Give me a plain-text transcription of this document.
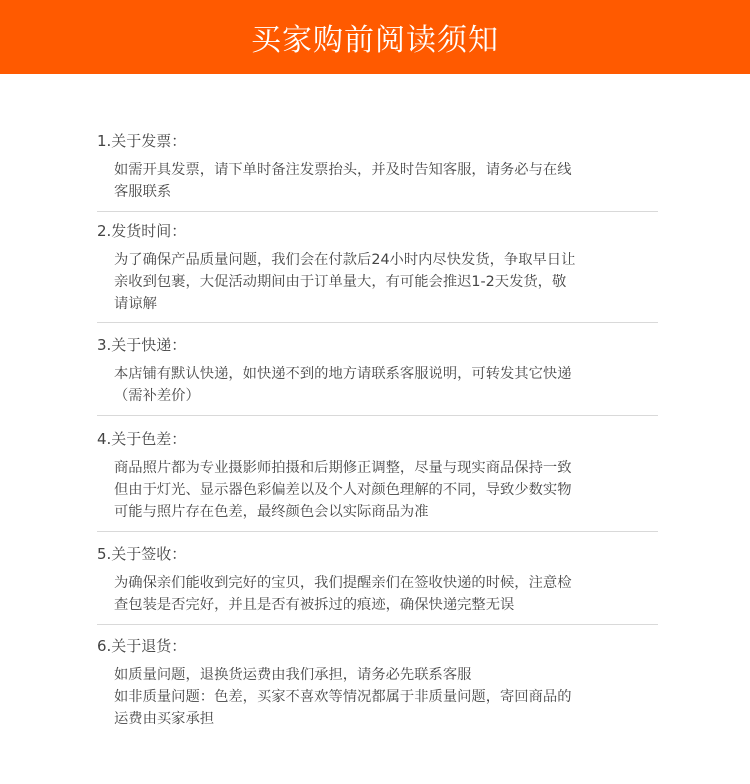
买家购前阅读须知
1.关于发票：
如需开具发票，请下单时备注发票抬头，并及时告知客服，请务必与在线
客服联系
2.发货时间：
为了确保产品质量问题，我们会在付款后24小时内尽快发货，争取早日让
亲收到包裹，大促活动期间由于订单量大，有可能会推迟1-2天发货，敬
请谅解
3.关于快递：
本店铺有默认快递，如快递不到的地方请联系客服说明，可转发其它快递
（需补差价）
4.关于色差：
商品照片都为专业摄影师拍摄和后期修正调整，尽量与现实商品保持一致
但由于灯光、显示器色彩偏差以及个人对颜色理解的不同，导致少数实物
可能与照片存在色差，最终颜色会以实际商品为准
5.关于签收：
为确保亲们能收到完好的宝贝，我们提醒亲们在签收快递的时候，注意检
查包装是否完好，并且是否有被拆过的痕迹，确保快递完整无误
6.关于退货：
如质量问题，退换货运费由我们承担，请务必先联系客服
如非质量问题：色差，买家不喜欢等情况都属于非质量问题，寄回商品的
运费由买家承担
